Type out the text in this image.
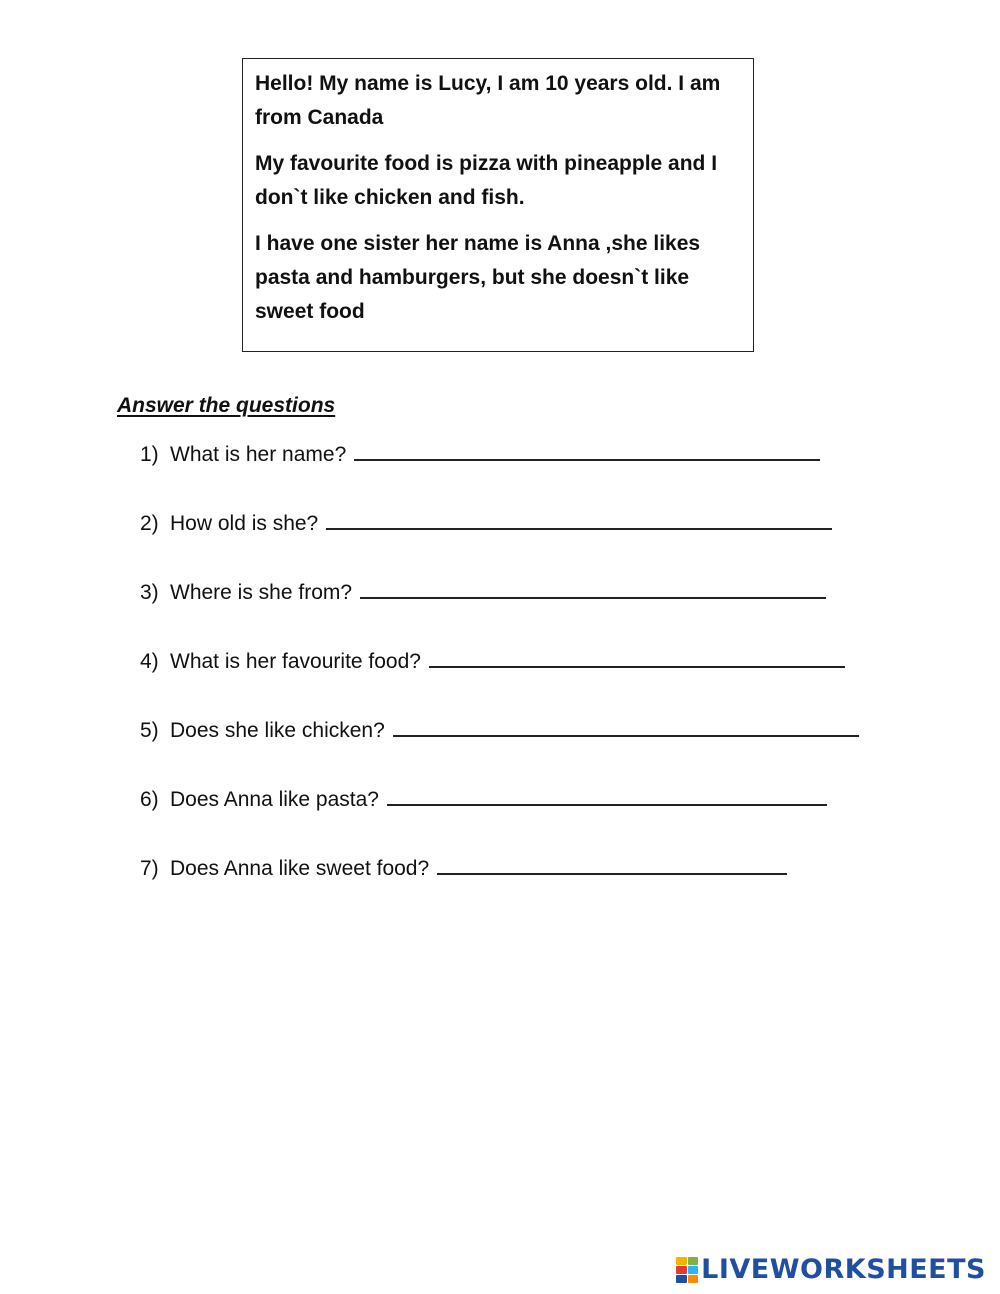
Hello! My name is Lucy, I am 10 years old. I am from Canada

My favourite food is pizza with pineapple and I don`t like chicken and fish.

I have one sister her name is Anna ,she likes pasta and hamburgers, but she doesn`t like sweet food

Answer the questions
1) What is her name?
2) How old is she?
3) Where is she from?
4) What is her favourite food?
5) Does she like chicken?
6) Does Anna like pasta?
7) Does Anna like sweet food?
LIVEWORKSHEETS
